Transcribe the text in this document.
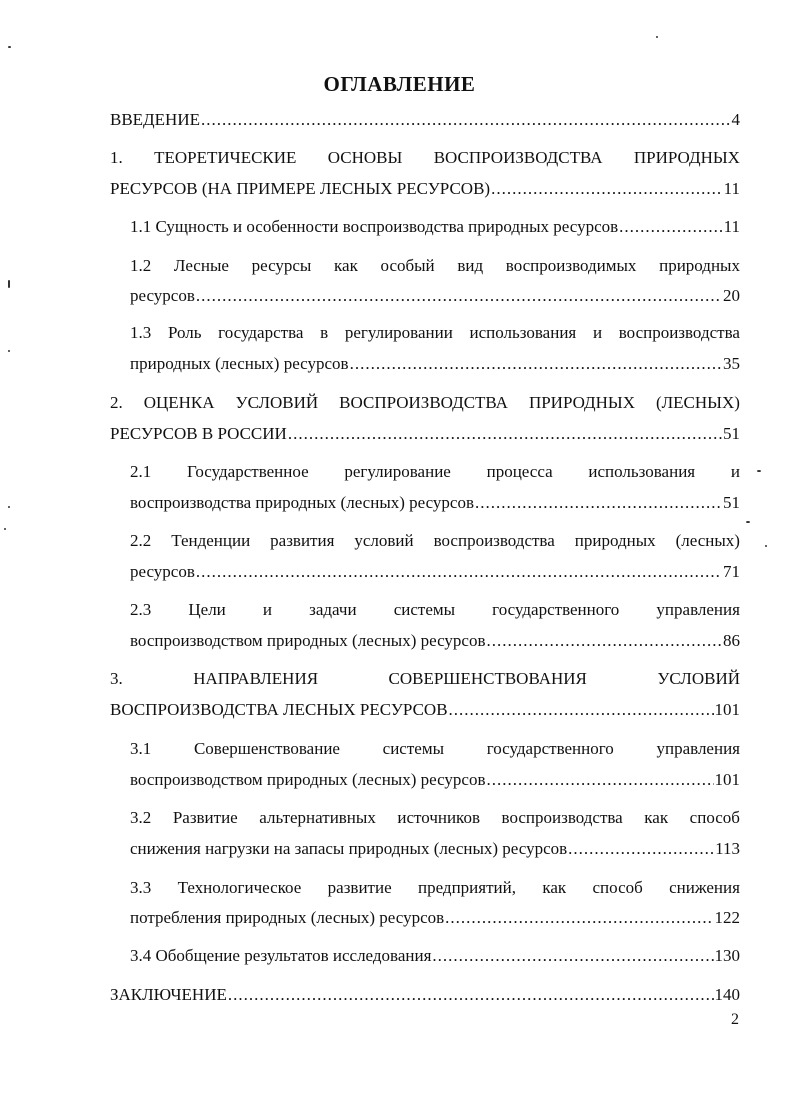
ОГЛАВЛЕНИЕ
ВВЕДЕНИЕ .....	4
1. ТЕОРЕТИЧЕСКИЕ ОСНОВЫ ВОСПРОИЗВОДСТВА ПРИРОДНЫХ
РЕСУРСОВ (НА ПРИМЕРЕ ЛЕСНЫХ РЕСУРСОВ) .....	11
1.1 Сущность и особенности воспроизводства природных ресурсов .....	11
1.2 Лесные ресурсы как особый вид воспроизводимых природных
ресурсов .....	20
1.3 Роль государства в регулировании использования и воспроизводства
природных (лесных) ресурсов .....	35
2. ОЦЕНКА УСЛОВИЙ ВОСПРОИЗВОДСТВА ПРИРОДНЫХ (ЛЕСНЫХ)
РЕСУРСОВ В РОССИИ .....	51
2.1 Государственное регулирование процесса использования и
воспроизводства природных (лесных) ресурсов .....	51
2.2 Тенденции развития условий воспроизводства природных (лесных)
ресурсов .....	71
2.3 Цели и задачи системы государственного управления
воспроизводством природных (лесных) ресурсов .....	86
3.	НАПРАВЛЕНИЯ	СОВЕРШЕНСТВОВАНИЯ	УСЛОВИЙ
ВОСПРОИЗВОДСТВА ЛЕСНЫХ РЕСУРСОВ .....	101
3.1	Совершенствование	системы	государственного	управления
воспроизводством природных (лесных) ресурсов .....	101
3.2 Развитие альтернативных источников воспроизводства как способ
снижения нагрузки на запасы природных (лесных) ресурсов .....	113
3.3 Технологическое развитие предприятий, как способ снижения
потребления природных (лесных) ресурсов .....	122
3.4 Обобщение результатов исследования .....	130
ЗАКЛЮЧЕНИЕ .....	140
2
